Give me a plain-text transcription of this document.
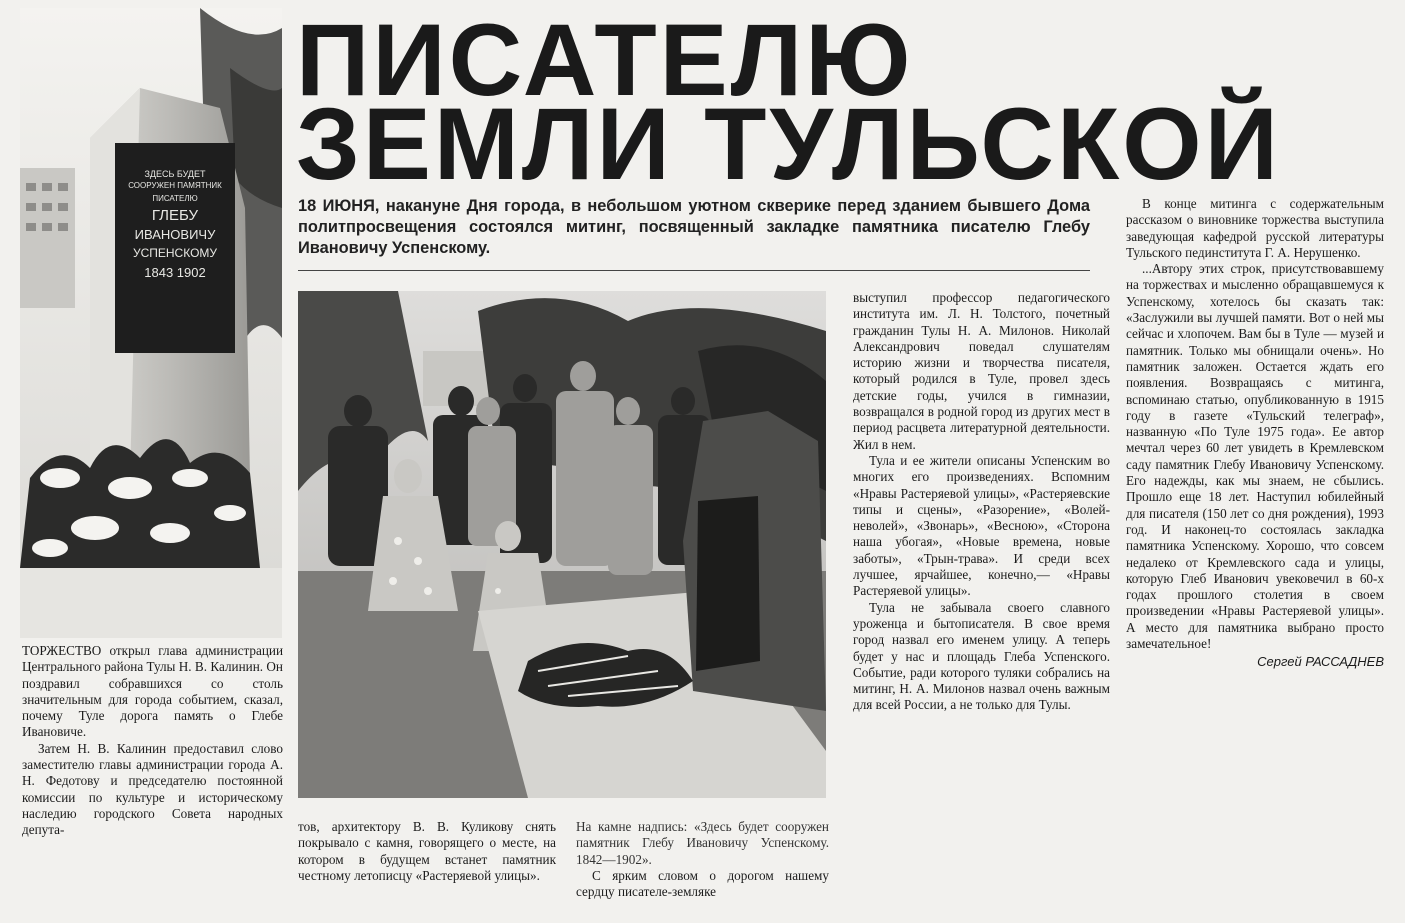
ЗДЕСЬ БУДЕТ
СООРУЖЕН ПАМЯТНИК
ПИСАТЕЛЮ
ГЛЕБУ
ИВАНОВИЧУ
УСПЕНСКОМУ
1843 1902
ПИСАТЕЛЮ
ЗЕМЛИ ТУЛЬСКОЙ
18 ИЮНЯ, накануне Дня города, в небольшом уютном скверике перед зданием бывшего Дома политпросвещения состоялся митинг, посвященный закладке памятника писателю Глебу Ивановичу Успенскому.

ТОРЖЕСТВО открыл глава администрации Центрального района Тулы Н. В. Калинин. Он поздравил собравшихся со столь значительным для города событием, сказал, почему Туле дорога память о Глебе Ивановиче.

Затем Н. В. Калинин предоставил слово заместителю главы администрации города А. Н. Федотову и председателю постоянной комиссии по культуре и историческому наследию городского Совета народных депута-	тов, архитектору В. В. Куликову снять покрывало с камня, говорящего о месте, на котором в будущем встанет памятник честному летописцу «Растеряевой улицы».

На камне надпись: «Здесь будет сооружен памятник Глебу Ивановичу Успенскому. 1842—1902».

С ярким словом о дорогом нашему сердцу писателе-земляке

выступил профессор педагогического института им. Л. Н. Толстого, почетный гражданин Тулы Н. А. Милонов. Николай Александрович поведал слушателям историю жизни и творчества писателя, который родился в Туле, провел здесь детские годы, учился в гимназии, возвращался в родной город из других мест в период расцвета литературной деятельности. Жил в нем.

Тула и ее жители описаны Успенским во многих его произведениях. Вспомним «Нравы Растеряевой улицы», «Растеряевские типы и сцены», «Разорение», «Волей-неволей», «Звонарь», «Весною», «Сторона наша убогая», «Новые времена, новые заботы», «Трын-трава». И среди всех лучшее, ярчайшее, конечно,— «Нравы Растеряевой улицы».

Тула не забывала своего славного уроженца и бытописателя. В свое время город назвал его именем улицу. А теперь будет у нас и площадь Глеба Успенского. Событие, ради которого туляки собрались на митинг, Н. А. Милонов назвал очень важным для всей России, а не только для Тулы.

В конце митинга с содержательным рассказом о виновнике торжества выступила заведующая кафедрой русской литературы Тульского пединститута Г. А. Нерушенко.

...Автору этих строк, присутствовавшему на торжествах и мысленно обращавшемуся к Успенскому, хотелось бы сказать так: «Заслужили вы лучшей памяти. Вот о ней мы сейчас и хлопочем. Вам бы в Туле — музей и памятник. Только мы обнищали очень». Но памятник заложен. Остается ждать его появления. Возвращаясь с митинга, вспоминаю статью, опубликованную в 1915 году в газете «Тульский телеграф», названную «По Туле 1975 года». Ее автор мечтал через 60 лет увидеть в Кремлевском саду памятник Глебу Ивановичу Успенскому. Его надежды, как мы знаем, не сбылись. Прошло еще 18 лет. Наступил юбилейный для писателя (150 лет со дня рождения), 1993 год. И наконец-то состоялась закладка памятника Успенскому. Хорошо, что совсем недалеко от Кремлевского сада и улицы, которую Глеб Иванович увековечил в 60-х годах прошлого столетия в своем произведении «Нравы Растеряевой улицы». А место для памятника выбрано просто замечательное!

Сергей РАССАДНЕВ
